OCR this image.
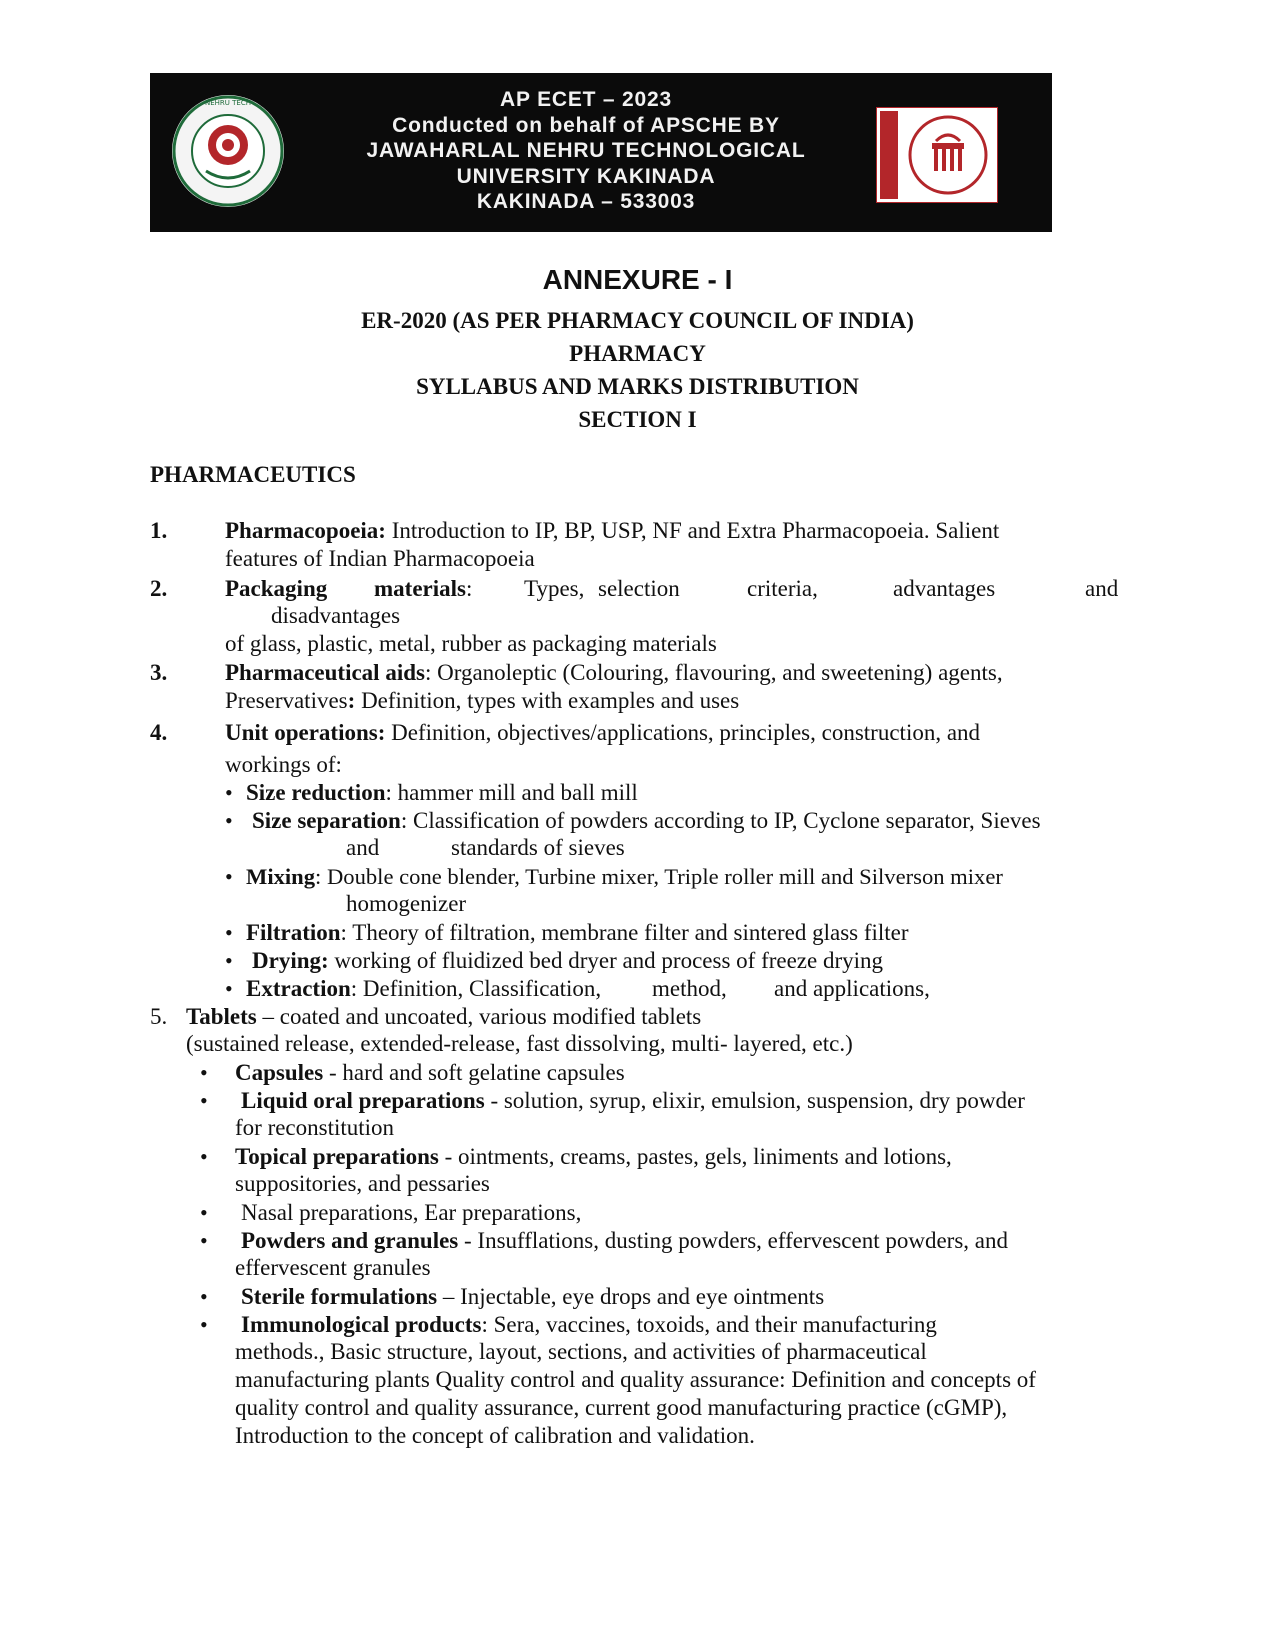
NEHRU TECH	AP ECET – 2023
Conducted on behalf of APSCHE BY
JAWAHARLAL NEHRU TECHNOLOGICAL
UNIVERSITY KAKINADA
KAKINADA – 533003
ANNEXURE - I
ER-2020 (AS PER PHARMACY COUNCIL OF INDIA)
PHARMACY
SYLLABUS AND MARKS DISTRIBUTION
SECTION I
PHARMACEUTICS
1.	Pharmacopoeia: Introduction to IP, BP, USP, NF and Extra Pharmacopoeia. Salient
features of Indian Pharmacopoeia
2.	Packaging materials: Types, selection	criteria,	advantages	and
disadvantages
of glass, plastic, metal, rubber as packaging materials
3.	Pharmaceutical aids: Organoleptic (Colouring, flavouring, and sweetening) agents,
Preservatives: Definition, types with examples and uses
4.	Unit operations: Definition, objectives/applications, principles, construction, and
workings of:
• Size reduction: hammer mill and ball mill
• Size separation: Classification of powders according to IP, Cyclone separator, Sieves
and	standards of sieves
• Mixing: Double cone blender, Turbine mixer, Triple roller mill and Silverson mixer
homogenizer
• Filtration: Theory of filtration, membrane filter and sintered glass filter
• Drying: working of fluidized bed dryer and process of freeze drying
• Extraction: Definition, Classification, method, and applications,
5. Tablets – coated and uncoated, various modified tablets
(sustained release, extended-release, fast dissolving, multi- layered, etc.)
• Capsules - hard and soft gelatine capsules
• Liquid oral preparations - solution, syrup, elixir, emulsion, suspension, dry powder
for reconstitution
• Topical preparations - ointments, creams, pastes, gels, liniments and lotions,
suppositories, and pessaries
• Nasal preparations, Ear preparations,
• Powders and granules - Insufflations, dusting powders, effervescent powders, and
effervescent granules
• Sterile formulations – Injectable, eye drops and eye ointments
• Immunological products: Sera, vaccines, toxoids, and their manufacturing
methods., Basic structure, layout, sections, and activities of pharmaceutical
manufacturing plants Quality control and quality assurance: Definition and concepts of
quality control and quality assurance, current good manufacturing practice (cGMP),
Introduction to the concept of calibration and validation.
